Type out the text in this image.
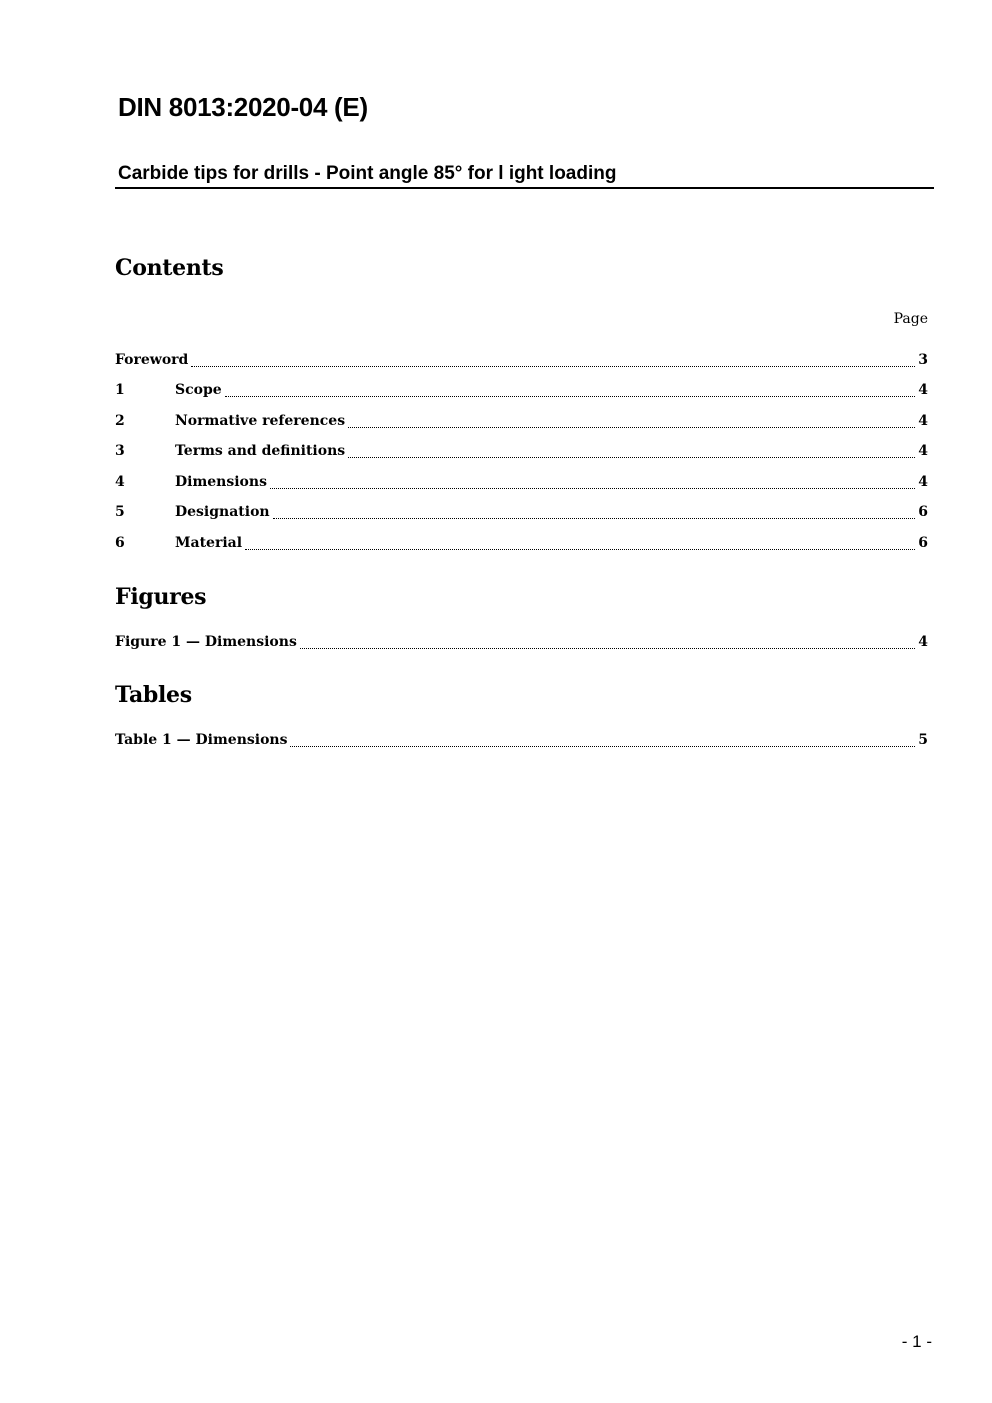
DIN 8013:2020-04 (E)
Carbide tips for drills - Point angle 85° for l ight loading
Contents
Page
Foreword	3
1	Scope	4
2	Normative references	4
3	Terms and definitions	4
4	Dimensions	4
5	Designation	6
6	Material	6
Figures
Figure 1 — Dimensions	4
Tables
Table 1 — Dimensions	5
- 1 -
